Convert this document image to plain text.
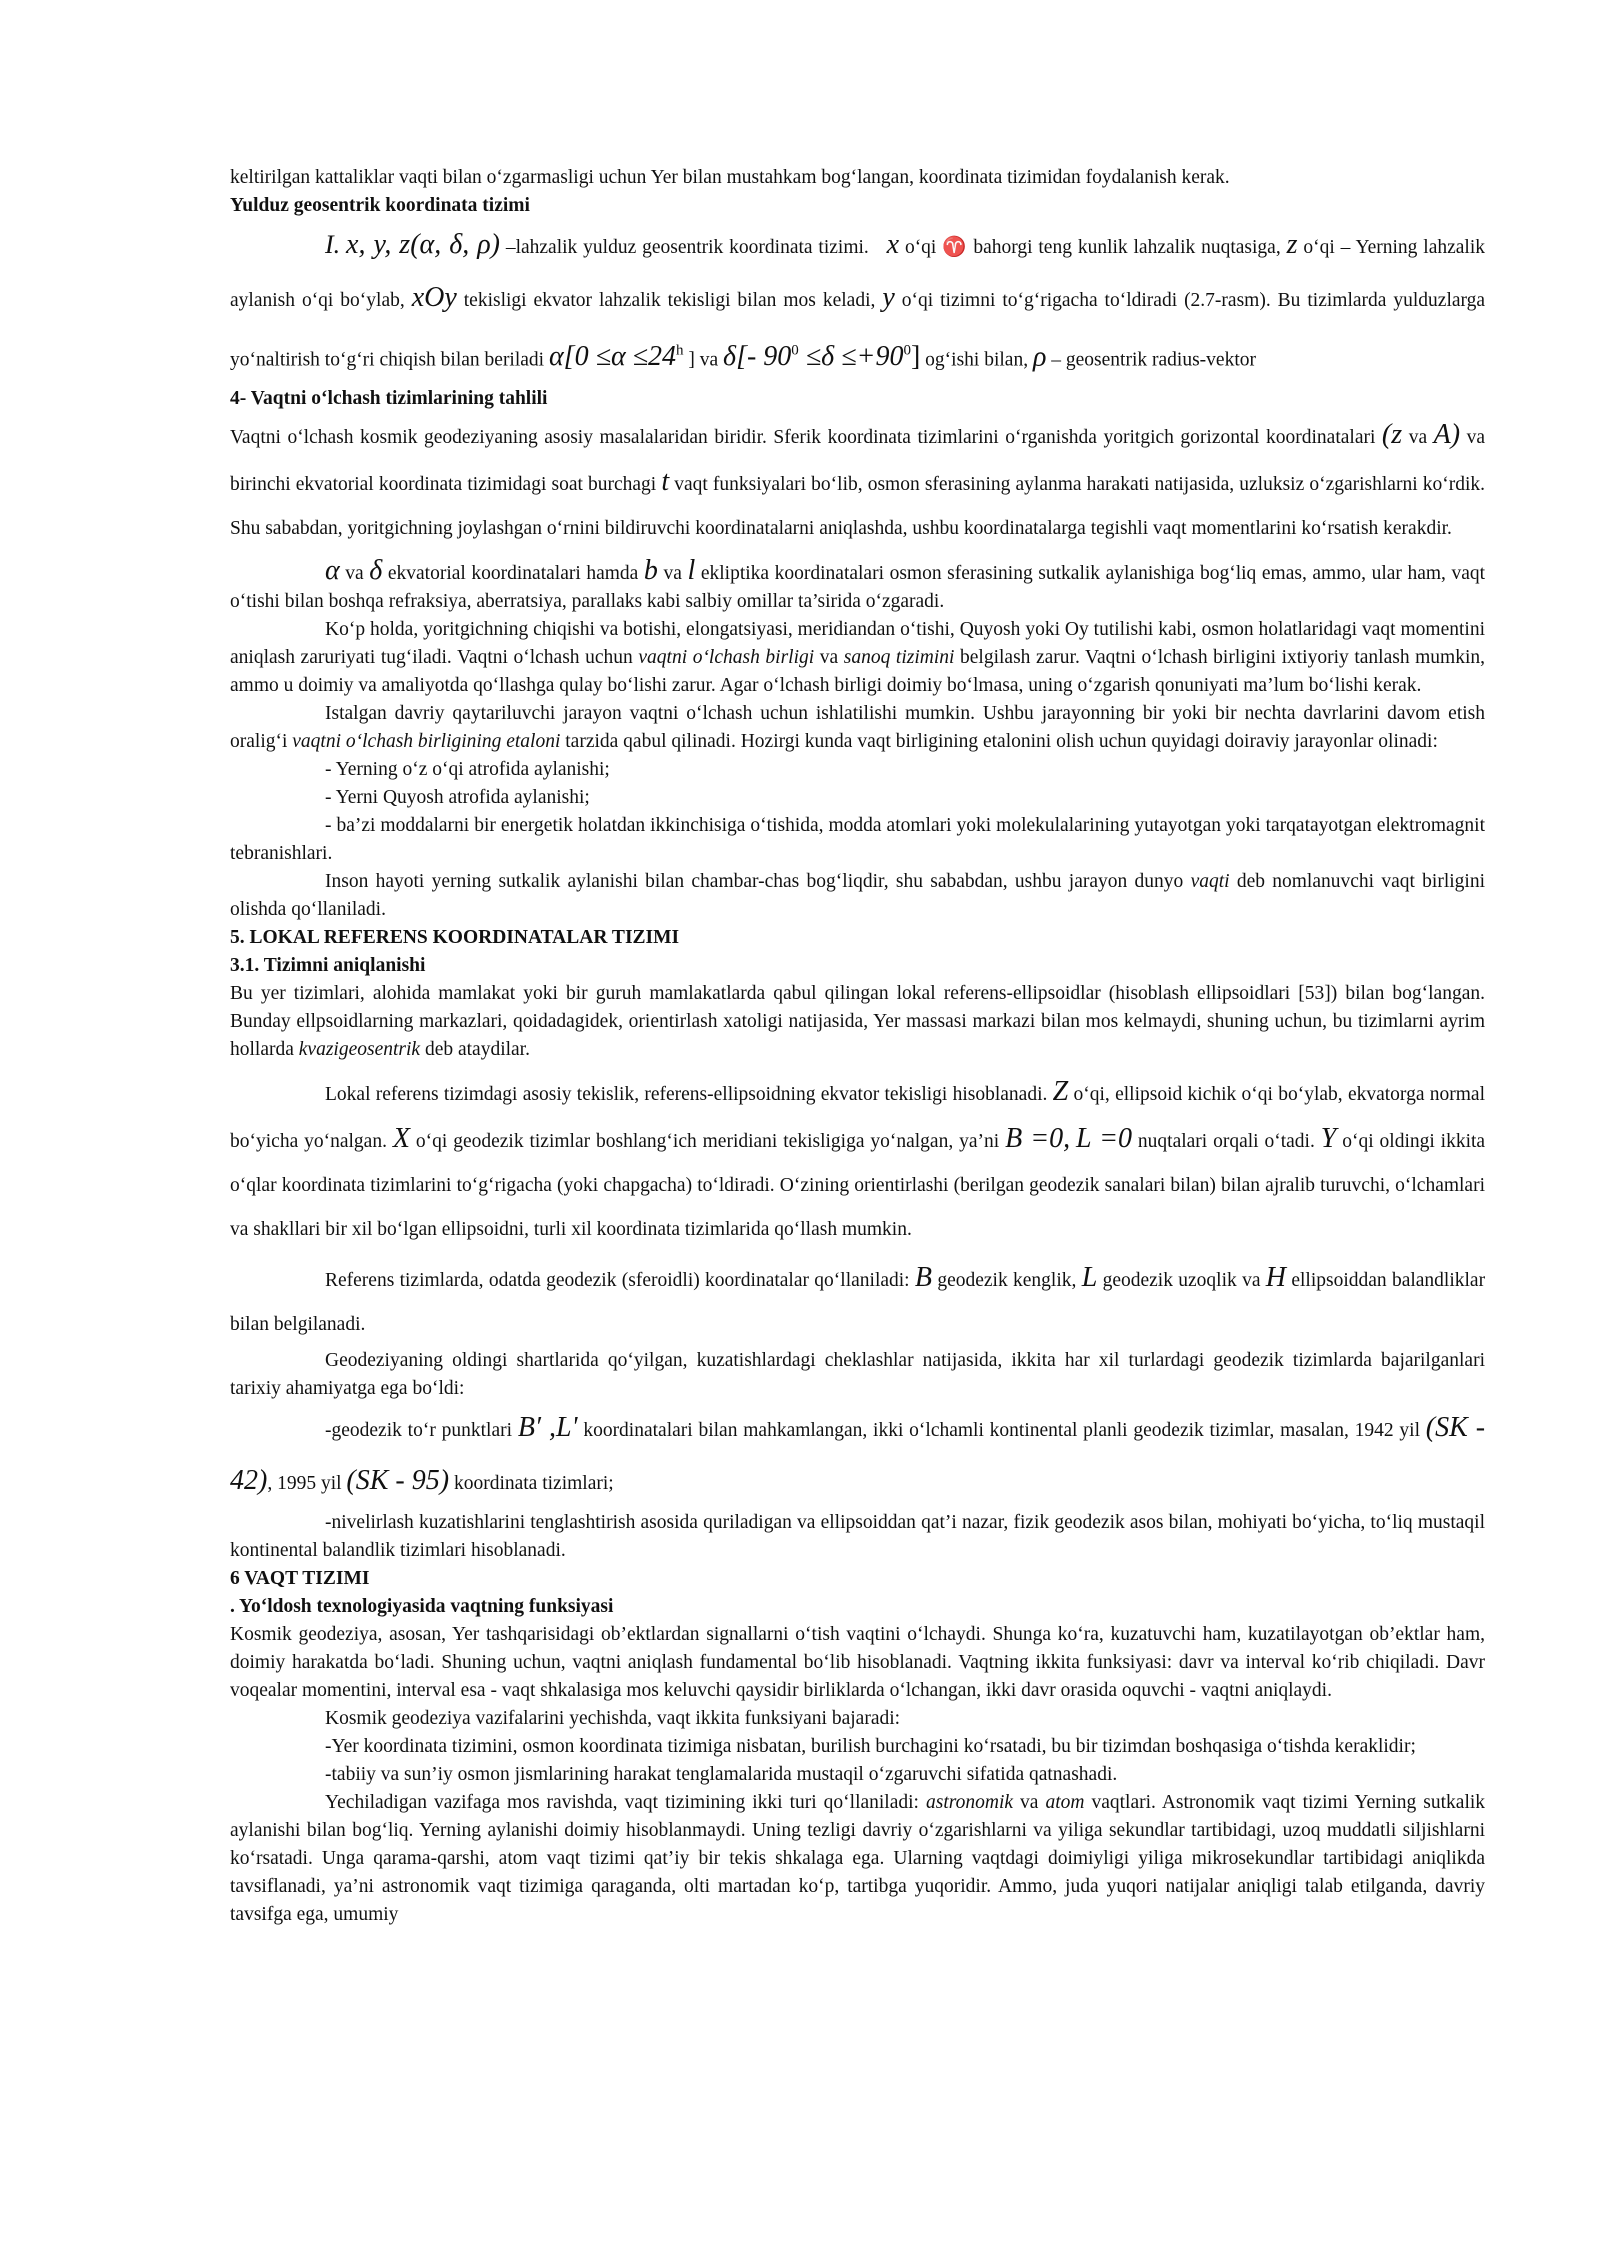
keltirilgan kattaliklar vaqti bilan o‘zgarmasligi uchun Yer bilan mustahkam bog‘langan, koordinata tizimidan foydalanish kerak.

Yulduz geosentrik koordinata tizimi

I. x, y, z(α, δ, ρ) –lahzalik yulduz geosentrik koordinata tizimi. x o‘qi ♈ bahorgi teng kunlik lahzalik nuqtasiga, z o‘qi – Yerning lahzalik aylanish o‘qi bo‘ylab, xOy tekisligi ekvator lahzalik tekisligi bilan mos keladi, y o‘qi tizimni to‘g‘rigacha to‘ldiradi (2.7-rasm). Bu tizimlarda yulduzlarga yo‘naltirish to‘g‘ri chiqish bilan beriladi $\alpha[0 \le\alpha \le 24^h$ ] va δ[- $90^0 \le\delta \le+90^0$] og‘ishi bilan, ρ – geosentrik radius-vektor

4- Vaqtni o‘lchash tizimlarining tahlili

Vaqtni o‘lchash kosmik geodeziyaning asosiy masalalaridan biridir. Sferik koordinata tizimlarini o‘rganishda yoritgich gorizontal koordinatalari (z va A) va birinchi ekvatorial koordinata tizimidagi soat burchagi t vaqt funksiyalari bo‘lib, osmon sferasining aylanma harakati natijasida, uzluksiz o‘zgarishlarni ko‘rdik. Shu sababdan, yoritgichning joylashgan o‘rnini bildiruvchi koordinatalarni aniqlashda, ushbu koordinatalarga tegishli vaqt momentlarini ko‘rsatish kerakdir.

α va δ ekvatorial koordinatalari hamda b va l ekliptika koordinatalari osmon sferasining sutkalik aylanishiga bog‘liq emas, ammo, ular ham, vaqt o‘tishi bilan boshqa refraksiya, aberratsiya, parallaks kabi salbiy omillar ta’sirida o‘zgaradi.

Ko‘p holda, yoritgichning chiqishi va botishi, elongatsiyasi, meridiandan o‘tishi, Quyosh yoki Oy tutilishi kabi, osmon holatlaridagi vaqt momentini aniqlash zaruriyati tug‘iladi. Vaqtni o‘lchash uchun vaqtni o‘lchash birligi va sanoq tizimini belgilash zarur. Vaqtni o‘lchash birligini ixtiyoriy tanlash mumkin, ammo u doimiy va amaliyotda qo‘llashga qulay bo‘lishi zarur. Agar o‘lchash birligi doimiy bo‘lmasa, uning o‘zgarish qonuniyati ma’lum bo‘lishi kerak.

Istalgan davriy qaytariluvchi jarayon vaqtni o‘lchash uchun ishlatilishi mumkin. Ushbu jarayonning bir yoki bir nechta davrlarini davom etish oralig‘i vaqtni o‘lchash birligining etaloni tarzida qabul qilinadi. Hozirgi kunda vaqt birligining etalonini olish uchun quyidagi doiraviy jarayonlar olinadi:

- Yerning o‘z o‘qi atrofida aylanishi;

- Yerni Quyosh atrofida aylanishi;

- ba’zi moddalarni bir energetik holatdan ikkinchisiga o‘tishida, modda atomlari yoki molekulalarining yutayotgan yoki tarqatayotgan elektromagnit tebranishlari.

Inson hayoti yerning sutkalik aylanishi bilan chambar-chas bog‘liqdir, shu sababdan, ushbu jarayon dunyo vaqti deb nomlanuvchi vaqt birligini olishda qo‘llaniladi.

5. LOKAL REFERENS KOORDINATALAR TIZIMI
3.1. Tizimni aniqlanishi

Bu yer tizimlari, alohida mamlakat yoki bir guruh mamlakatlarda qabul qilingan lokal referens-ellipsoidlar (hisoblash ellipsoidlari [53]) bilan bog‘langan. Bunday ellpsoidlarning markazlari, qoidadagidek, orientirlash xatoligi natijasida, Yer massasi markazi bilan mos kelmaydi, shuning uchun, bu tizimlarni ayrim hollarda kvazigeosentrik deb ataydilar.

Lokal referens tizimdagi asosiy tekislik, referens-ellipsoidning ekvator tekisligi hisoblanadi. Z o‘qi, ellipsoid kichik o‘qi bo‘ylab, ekvatorga normal bo‘yicha yo‘nalgan. X o‘qi geodezik tizimlar boshlang‘ich meridiani tekisligiga yo‘nalgan, ya’ni B =0, L =0 nuqtalari orqali o‘tadi. Y o‘qi oldingi ikkita o‘qlar koordinata tizimlarini to‘g‘rigacha (yoki chapgacha) to‘ldiradi. O‘zining orientirlashi (berilgan geodezik sanalari bilan) bilan ajralib turuvchi, o‘lchamlari va shakllari bir xil bo‘lgan ellipsoidni, turli xil koordinata tizimlarida qo‘llash mumkin.

Referens tizimlarda, odatda geodezik (sferoidli) koordinatalar qo‘llaniladi: B geodezik kenglik, L geodezik uzoqlik va H ellipsoiddan balandliklar bilan belgilanadi.

Geodeziyaning oldingi shartlarida qo‘yilgan, kuzatishlardagi cheklashlar natijasida, ikkita har xil turlardagi geodezik tizimlarda bajarilganlari tarixiy ahamiyatga ega bo‘ldi:

-geodezik to‘r punktlari B′ ,L' koordinatalari bilan mahkamlangan, ikki o‘lchamli kontinental planli geodezik tizimlar, masalan, 1942 yil (SK - 42), 1995 yil (SK - 95) koordinata tizimlari;

-nivelirlash kuzatishlarini tenglashtirish asosida quriladigan va ellipsoiddan qat’i nazar, fizik geodezik asos bilan, mohiyati bo‘yicha, to‘liq mustaqil kontinental balandlik tizimlari hisoblanadi.

6 VAQT TIZIMI
. Yo‘ldosh texnologiyasida vaqtning funksiyasi

Kosmik geodeziya, asosan, Yer tashqarisidagi ob’ektlardan signallarni o‘tish vaqtini o‘lchaydi. Shunga ko‘ra, kuzatuvchi ham, kuzatilayotgan ob’ektlar ham, doimiy harakatda bo‘ladi. Shuning uchun, vaqtni aniqlash fundamental bo‘lib hisoblanadi. Vaqtning ikkita funksiyasi: davr va interval ko‘rib chiqiladi. Davr voqealar momentini, interval esa - vaqt shkalasiga mos keluvchi qaysidir birliklarda o‘lchangan, ikki davr orasida oquvchi - vaqtni aniqlaydi.

Kosmik geodeziya vazifalarini yechishda, vaqt ikkita funksiyani bajaradi:

-Yer koordinata tizimini, osmon koordinata tizimiga nisbatan, burilish burchagini ko‘rsatadi, bu bir tizimdan boshqasiga o‘tishda keraklidir;

-tabiiy va sun’iy osmon jismlarining harakat tenglamalarida mustaqil o‘zgaruvchi sifatida qatnashadi.

Yechiladigan vazifaga mos ravishda, vaqt tizimining ikki turi qo‘llaniladi: astronomik va atom vaqtlari. Astronomik vaqt tizimi Yerning sutkalik aylanishi bilan bog‘liq. Yerning aylanishi doimiy hisoblanmaydi. Uning tezligi davriy o‘zgarishlarni va yiliga sekundlar tartibidagi, uzoq muddatli siljishlarni ko‘rsatadi. Unga qarama-qarshi, atom vaqt tizimi qat’iy bir tekis shkalaga ega. Ularning vaqtdagi doimiyligi yiliga mikrosekundlar tartibidagi aniqlikda tavsiflanadi, ya’ni astronomik vaqt tizimiga qaraganda, olti martadan ko‘p, tartibga yuqoridir. Ammo, juda yuqori natijalar aniqligi talab etilganda, davriy tavsifga ega, umumiy
